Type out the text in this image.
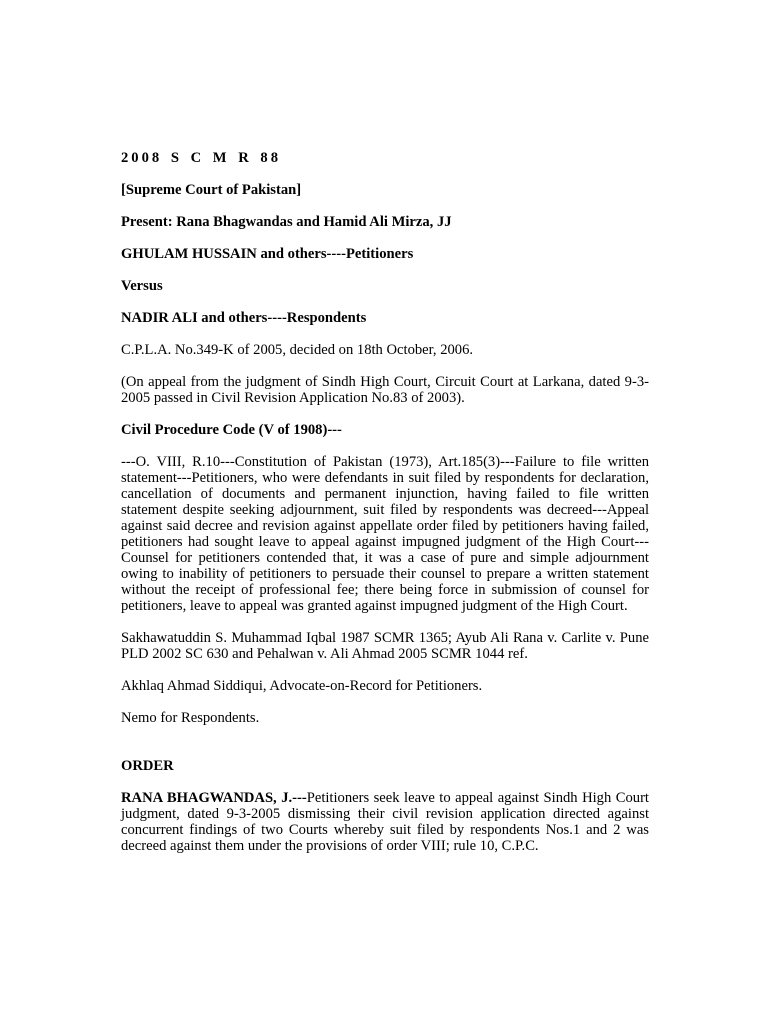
2008 S C M R 88

[Supreme Court of Pakistan]

Present: Rana Bhagwandas and Hamid Ali Mirza, JJ

GHULAM HUSSAIN and others----Petitioners

Versus

NADIR ALI and others----Respondents

C.P.L.A. No.349-K of 2005, decided on 18th October, 2006.

(On appeal from the judgment of Sindh High Court, Circuit Court at Larkana, dated 9-3-2005 passed in Civil Revision Application No.83 of 2003).

Civil Procedure Code (V of 1908)---

---O. VIII, R.10---Constitution of Pakistan (1973), Art.185(3)---Failure to file written statement---Petitioners, who were defendants in suit filed by respondents for declaration, cancellation of documents and permanent injunction, having failed to file written statement despite seeking adjournment, suit filed by respondents was decreed---Appeal against said decree and revision against appellate order filed by petitioners having failed, petitioners had sought leave to appeal against impugned judgment of the High Court---Counsel for petitioners contended that, it was a case of pure and simple adjournment owing to inability of petitioners to persuade their counsel to prepare a written statement without the receipt of professional fee; there being force in submission of counsel for petitioners, leave to appeal was granted against impugned judgment of the High Court.

Sakhawatuddin S. Muhammad Iqbal 1987 SCMR 1365; Ayub Ali Rana v. Carlite v. Pune PLD 2002 SC 630 and Pehalwan v. Ali Ahmad 2005 SCMR 1044 ref.

Akhlaq Ahmad Siddiqui, Advocate-on-Record for Petitioners.

Nemo for Respondents.

ORDER

RANA BHAGWANDAS, J.---Petitioners seek leave to appeal against Sindh High Court judgment, dated 9-3-2005 dismissing their civil revision application directed against concurrent findings of two Courts whereby suit filed by respondents Nos.1 and 2 was decreed against them under the provisions of order VIII; rule 10, C.P.C.
